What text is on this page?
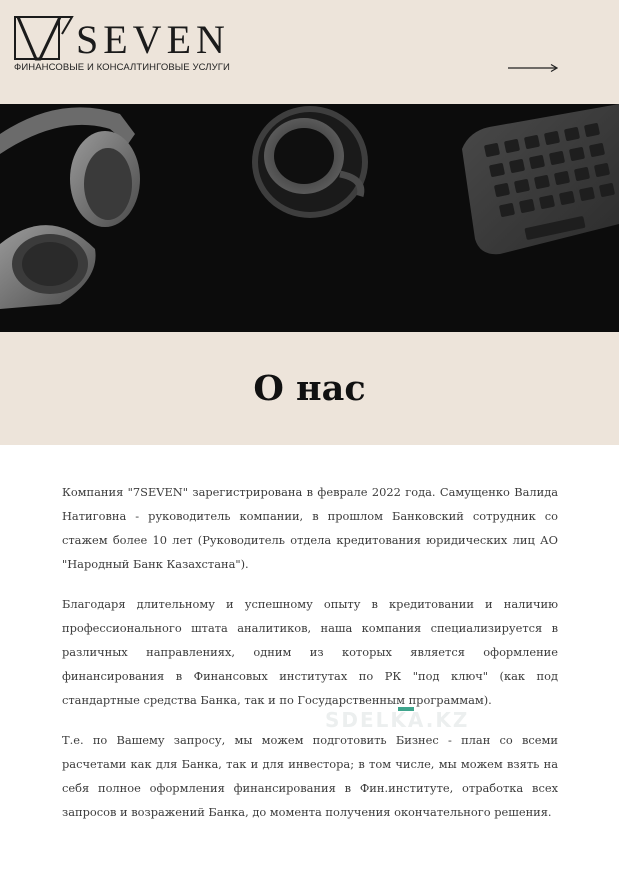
SEVEN
ФИНАНСОВЫЕ И КОНСАЛТИНГОВЫЕ УСЛУГИ
О нас

Компания "7SEVEN" зарегистрирована в феврале 2022 года. Самущенко Валида Натиговна - руководитель компании, в прошлом Банковский сотрудник со стажем более 10 лет (Руководитель отдела кредитования юридических лиц АО "Народный Банк Казахстана").

Благодаря длительному и успешному опыту в кредитовании и наличию профессионального штата аналитиков, наша компания специализируется в различных направлениях, одним из которых является оформление финансирования в Финансовых институтах по РК "под ключ" (как под стандартные средства Банка, так и по Государственным программам).

Т.е. по Вашему запросу, мы можем подготовить Бизнес - план со всеми расчетами как для Банка, так и для инвестора; в том числе, мы можем взять на себя полное оформления финансирования в Фин.институте, отработка всех запросов и возражений Банка, до момента получения окончательного решения.

SDELKA.KZ
